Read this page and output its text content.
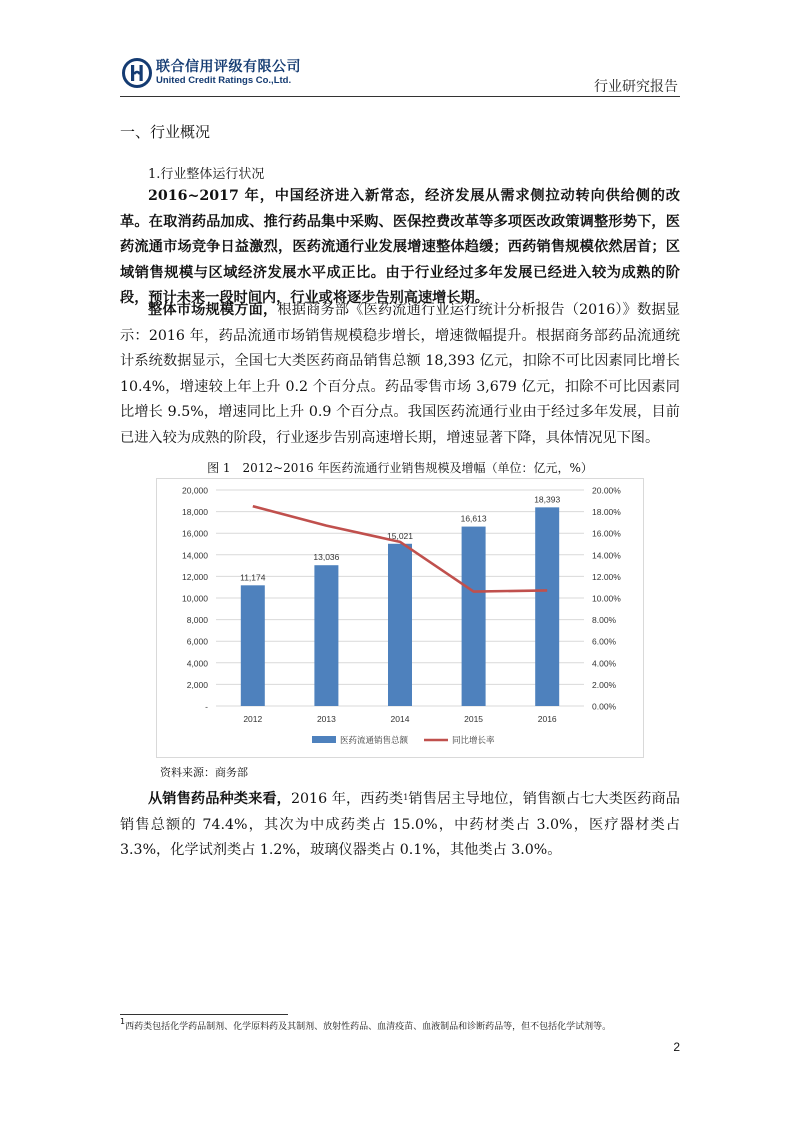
联合信用评级有限公司
United Credit Ratings Co.,Ltd.	行业研究报告
一、行业概况
1.行业整体运行状况

2016~2017 年，中国经济进入新常态，经济发展从需求侧拉动转向供给侧的改革。在取消药品加成、推行药品集中采购、医保控费改革等多项医改政策调整形势下，医药流通市场竞争日益激烈，医药流通行业发展增速整体趋缓；西药销售规模依然居首；区域销售规模与区域经济发展水平成正比。由于行业经过多年发展已经进入较为成熟的阶段，预计未来一段时间内，行业或将逐步告别高速增长期。

整体市场规模方面，根据商务部《医药流通行业运行统计分析报告（2016）》数据显示：2016 年，药品流通市场销售规模稳步增长，增速微幅提升。根据商务部药品流通统计系统数据显示，全国七大类医药商品销售总额 18,393 亿元，扣除不可比因素同比增长 10.4%，增速较上年上升 0.2 个百分点。药品零售市场 3,679 亿元，扣除不可比因素同比增长 9.5%，增速同比上升 0.9 个百分点。我国医药流通行业由于经过多年发展，目前已进入较为成熟的阶段，行业逐步告别高速增长期，增速显著下降，具体情况见下图。

图 1　2012~2016 年医药流通行业销售规模及增幅（单位：亿元，%）
-
2,000
4,000
6,000
8,000
10,000
12,000
14,000
16,000
18,000
20,000
0.00%
2.00%
4.00%
6.00%
8.00%
10.00%
12.00%
14.00%
16.00%
18.00%
20.00%
11,174
13,036
15,021
16,613
18,393
2012	2013	2014	2015	2016
医药流通销售总额	同比增长率
资料来源：商务部

从销售药品种类来看，2016 年，西药类$^1$销售居主导地位，销售额占七大类医药商品销售总额的 74.4%，其次为中成药类占 15.0%，中药材类占 3.0%，医疗器材类占 3.3%，化学试剂类占 1.2%，玻璃仪器类占 0.1%，其他类占 3.0%。

$^1$西药类包括化学药品制剂、化学原料药及其制剂、放射性药品、血清疫苗、血液制品和诊断药品等，但不包括化学试剂等。
2
